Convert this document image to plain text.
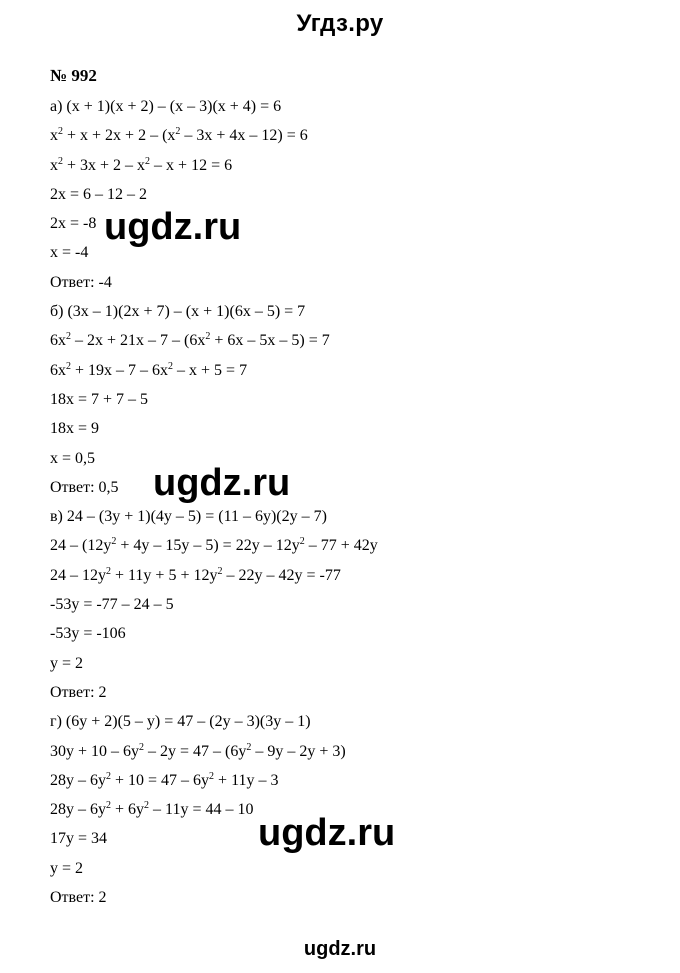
Угдз.ру
№ 992
а) (x + 1)(x + 2) – (x – 3)(x + 4) = 6
$x^2 + x + 2x + 2 - (x^2 - 3x + 4x - 12) = 6$
$x^2 + 3x + 2 - x^2 - x + 12 = 6$
2x = 6 – 12 – 2
2x = -8
x = -4
Ответ: -4
б) (3x – 1)(2x + 7) – (x + 1)(6x – 5) = 7
$6x^2 - 2x + 21x - 7 - (6x^2 + 6x - 5x - 5) = 7$
$6x^2 + 19x - 7 - 6x^2 - x + 5 = 7$
18x = 7 + 7 – 5
18x = 9
x = 0,5
Ответ: 0,5
в) 24 – (3y + 1)(4y – 5) = (11 – 6y)(2y – 7)
$24 - (12y^2 + 4y - 15y - 5) = 22y - 12y^2 - 77 + 42y$
$24 - 12y^2 + 11y + 5 + 12y^2 - 22y - 42y = -77$
-53y = -77 – 24 – 5
-53y = -106
y = 2
Ответ: 2
г) (6y + 2)(5 – y) = 47 – (2y – 3)(3y – 1)
$30y + 10 - 6y^2 - 2y = 47 - (6y^2 - 9y - 2y + 3)$
$28y - 6y^2 + 10 = 47 - 6y^2 + 11y - 3$
$28y - 6y^2 + 6y^2 - 11y = 44 - 10$
17y = 34
y = 2
Ответ: 2
ugdz.ru
ugdz.ru
ugdz.ru
ugdz.ru
